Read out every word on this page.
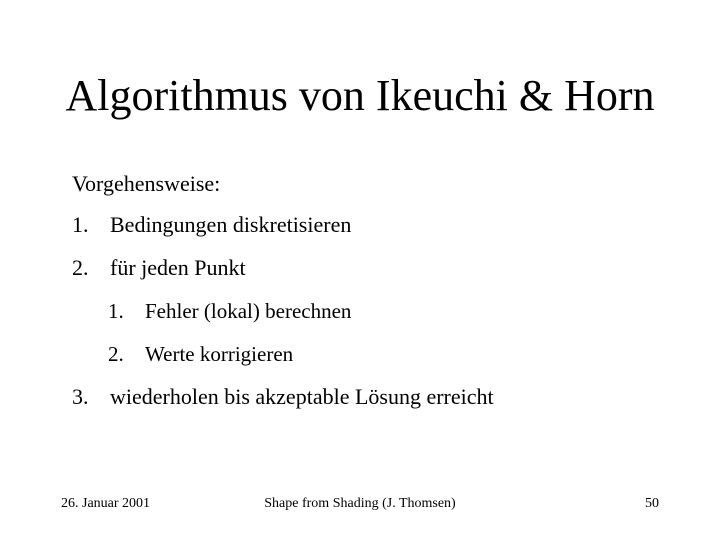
Algorithmus von Ikeuchi & Horn
Vorgehensweise:
1. Bedingungen diskretisieren
2. für jeden Punkt
1. Fehler (lokal) berechnen
2. Werte korrigieren
3. wiederholen bis akzeptable Lösung erreicht
26. Januar 2001	Shape from Shading (J. Thomsen)	50
